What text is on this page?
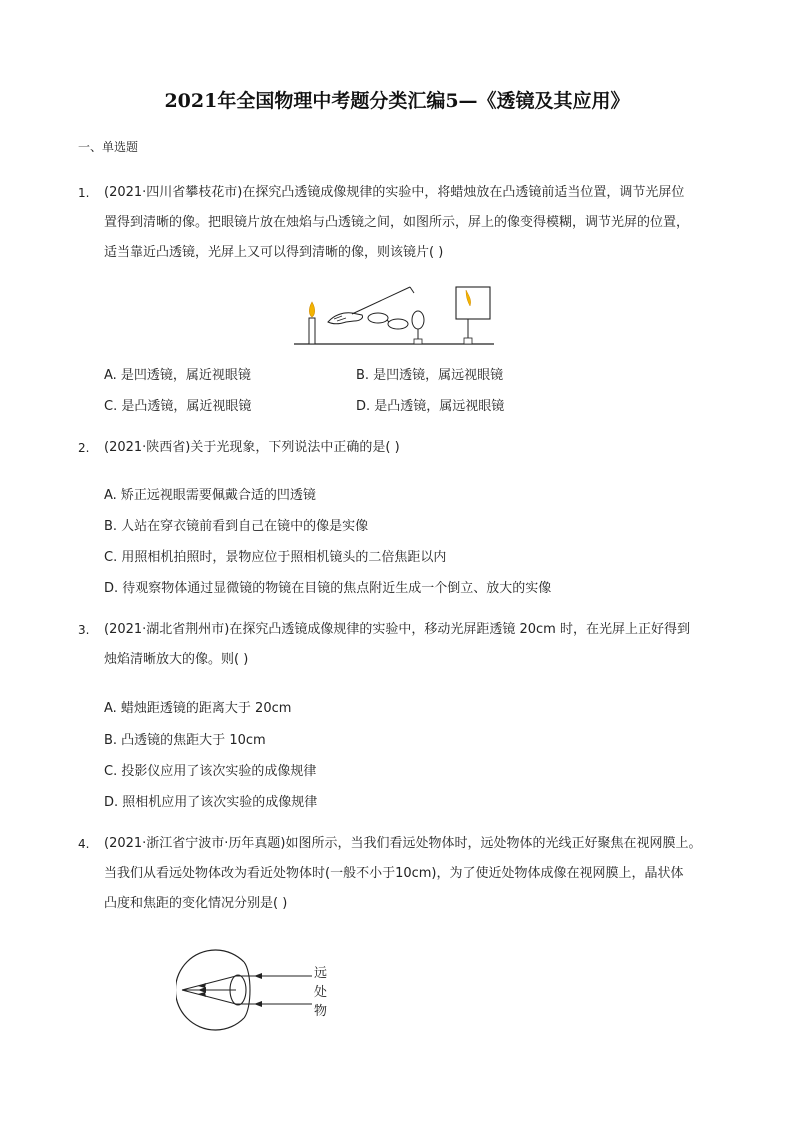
2021年全国物理中考题分类汇编5—《透镜及其应用》
一、单选题
1. (2021·四川省攀枝花市)在探究凸透镜成像规律的实验中，将蜡烛放在凸透镜前适当位置，调节光屏位
置得到清晰的像。把眼镜片放在烛焰与凸透镜之间，如图所示，屏上的像变得模糊，调节光屏的位置，
适当靠近凸透镜，光屏上又可以得到清晰的像，则该镜片( )
A. 是凹透镜，属近视眼镜	B. 是凹透镜，属远视眼镜
C. 是凸透镜，属近视眼镜	D. 是凸透镜，属远视眼镜
2. (2021·陕西省)关于光现象，下列说法中正确的是( )
A. 矫正远视眼需要佩戴合适的凹透镜
B. 人站在穿衣镜前看到自己在镜中的像是实像
C. 用照相机拍照时，景物应位于照相机镜头的二倍焦距以内
D. 待观察物体通过显微镜的物镜在目镜的焦点附近生成一个倒立、放大的实像
3. (2021·湖北省荆州市)在探究凸透镜成像规律的实验中，移动光屏距透镜 20cm 时，在光屏上正好得到
烛焰清晰放大的像。则( )
A. 蜡烛距透镜的距离大于 20cm
B. 凸透镜的焦距大于 10cm
C. 投影仪应用了该次实验的成像规律
D. 照相机应用了该次实验的成像规律
4. (2021·浙江省宁波市·历年真题)如图所示，当我们看远处物体时，远处物体的光线正好聚焦在视网膜上。
当我们从看远处物体改为看近处物体时(一般不小于10cm)，为了使近处物体成像在视网膜上，晶状体
凸度和焦距的变化情况分别是( )
远
处
物
